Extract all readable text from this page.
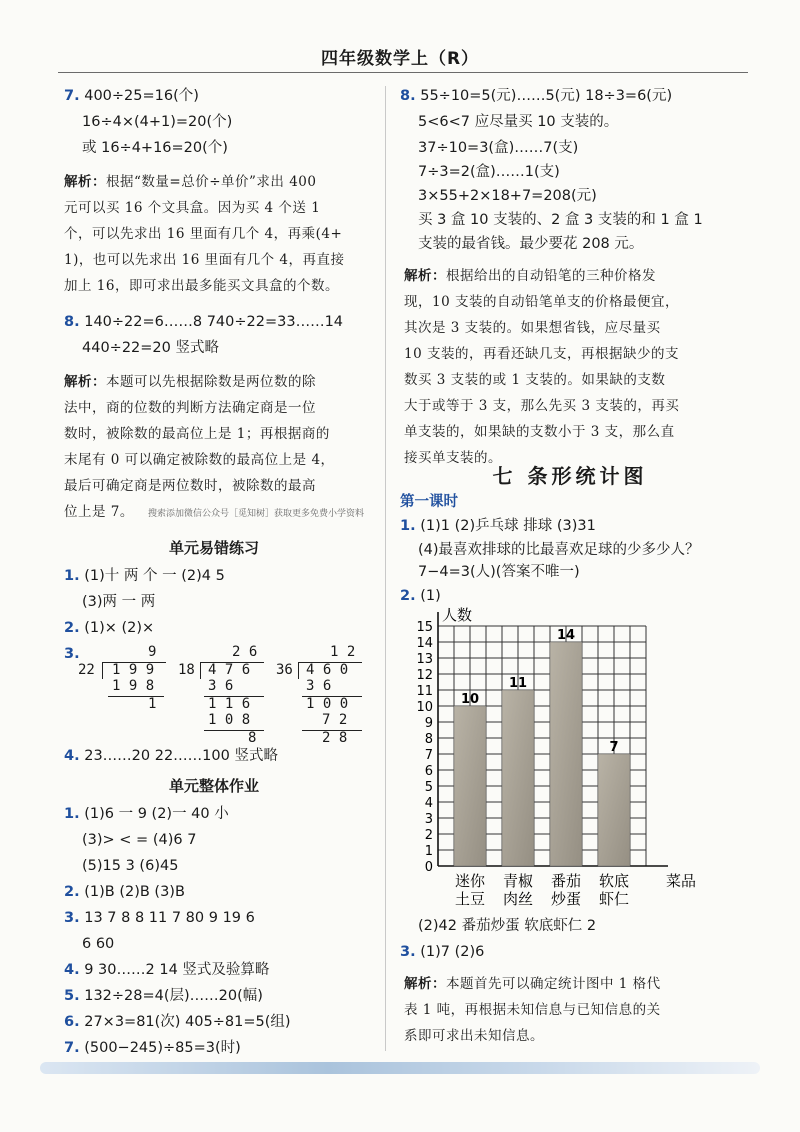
四年级数学上（R）
7. 400÷25=16(个)
16÷4×(4+1)=20(个)
或 16÷4+16=20(个)
解析：根据“数量=总价÷单价”求出 400
元可以买 16 个文具盒。因为买 4 个送 1
个，可以先求出 16 里面有几个 4，再乘(4+
1)，也可以先求出 16 里面有几个 4，再直接
加上 16，即可求出最多能买文具盒的个数。
8. 140÷22=6……8 740÷22=33……14
440÷22=20 竖式略
解析：本题可以先根据除数是两位数的除
法中，商的位数的判断方法确定商是一位
数时，被除数的最高位上是 1；再根据商的
末尾有 0 可以确定被除数的最高位上是 4，
最后可确定商是两位数时，被除数的最高
位上是 7。 搜索添加微信公众号［觅知树］获取更多免费小学资料
单元易错练习
1. (1)十 两 个 一 (2)4 5
(3)两 一 两
2. (1)× (2)×
3.	9
22 1 9 9
1 9 8
1
2 6
18 4 7 6
3 6
1 1 6
1 0 8
8
1 2
36 4 6 0
3 6
1 0 0
7 2
2 8
4. 23……20 22……100 竖式略
单元整体作业
1. (1)6 一 9 (2)一 40 小
(3)> < = (4)6 7
(5)15 3 (6)45
2. (1)B (2)B (3)B
3. 13 7 8 8 11 7 80 9 19 6
6 60
4. 9 30……2 14 竖式及验算略
5. 132÷28=4(层)……20(幅)
6. 27×3=81(次) 405÷81=5(组)
7. (500−245)÷85=3(时)
8. 55÷10=5(元)……5(元) 18÷3=6(元)
5<6<7 应尽量买 10 支装的。
37÷10=3(盒)……7(支)
7÷3=2(盒)……1(支)
3×55+2×18+7=208(元)
买 3 盒 10 支装的、2 盒 3 支装的和 1 盒 1
支装的最省钱。最少要花 208 元。
解析：根据给出的自动铅笔的三种价格发
现，10 支装的自动铅笔单支的价格最便宜，
其次是 3 支装的。如果想省钱，应尽量买
10 支装的，再看还缺几支，再根据缺少的支
数买 3 支装的或 1 支装的。如果缺的支数
大于或等于 3 支，那么先买 3 支装的，再买
单支装的，如果缺的支数小于 3 支，那么直
接买单支装的。
七 条形统计图
第一课时
1. (1)1 (2)乒乓球 排球 (3)31
(4)最喜欢排球的比最喜欢足球的少多少人？
7−4=3(人)(答案不唯一)
2. (1)
10
11
14
7
0
1
2
3
4
5
6
7
8
9
10
11
12
13
14
15
迷你
土豆
青椒
肉丝
番茄
炒蛋
软底
虾仁
人数
菜品
(2)42 番茄炒蛋 软底虾仁 2
3. (1)7 (2)6
解析：本题首先可以确定统计图中 1 格代
表 1 吨，再根据未知信息与已知信息的关
系即可求出未知信息。
